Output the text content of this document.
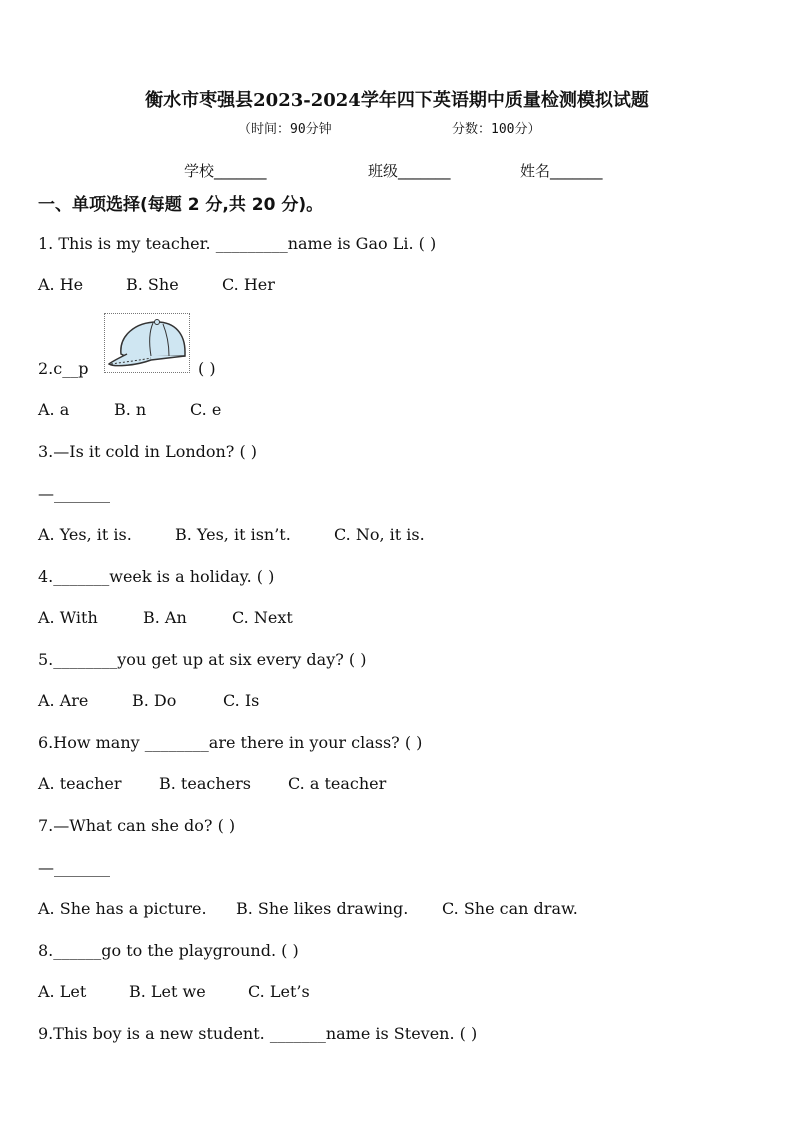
衡水市枣强县2023-2024学年四下英语期中质量检测模拟试题
（时间：90分钟	分数：100分）
学校_______	班级_______	姓名_______
一、单项选择(每题 2 分,共 20 分)。
1. This is my teacher. _________name is Gao Li. ( )
A. He	B. She	C. Her
2.c__p	( )
A. a	B. n	C. e
3.—Is it cold in London? ( )
—_______
A. Yes, it is.	B. Yes, it isn’t.	C. No, it is.
4._______week is a holiday. ( )
A. With	B. An	C. Next
5.________you get up at six every day? ( )
A. Are	B. Do	C. Is
6.How many ________are there in your class? ( )
A. teacher B. teachers C. a teacher
7.—What can she do? ( )
—_______
A. She has a picture. B. She likes drawing. C. She can draw.
8.______go to the playground. ( )
A. Let	B. Let we	C. Let’s
9.This boy is a new student. _______name is Steven. ( )
